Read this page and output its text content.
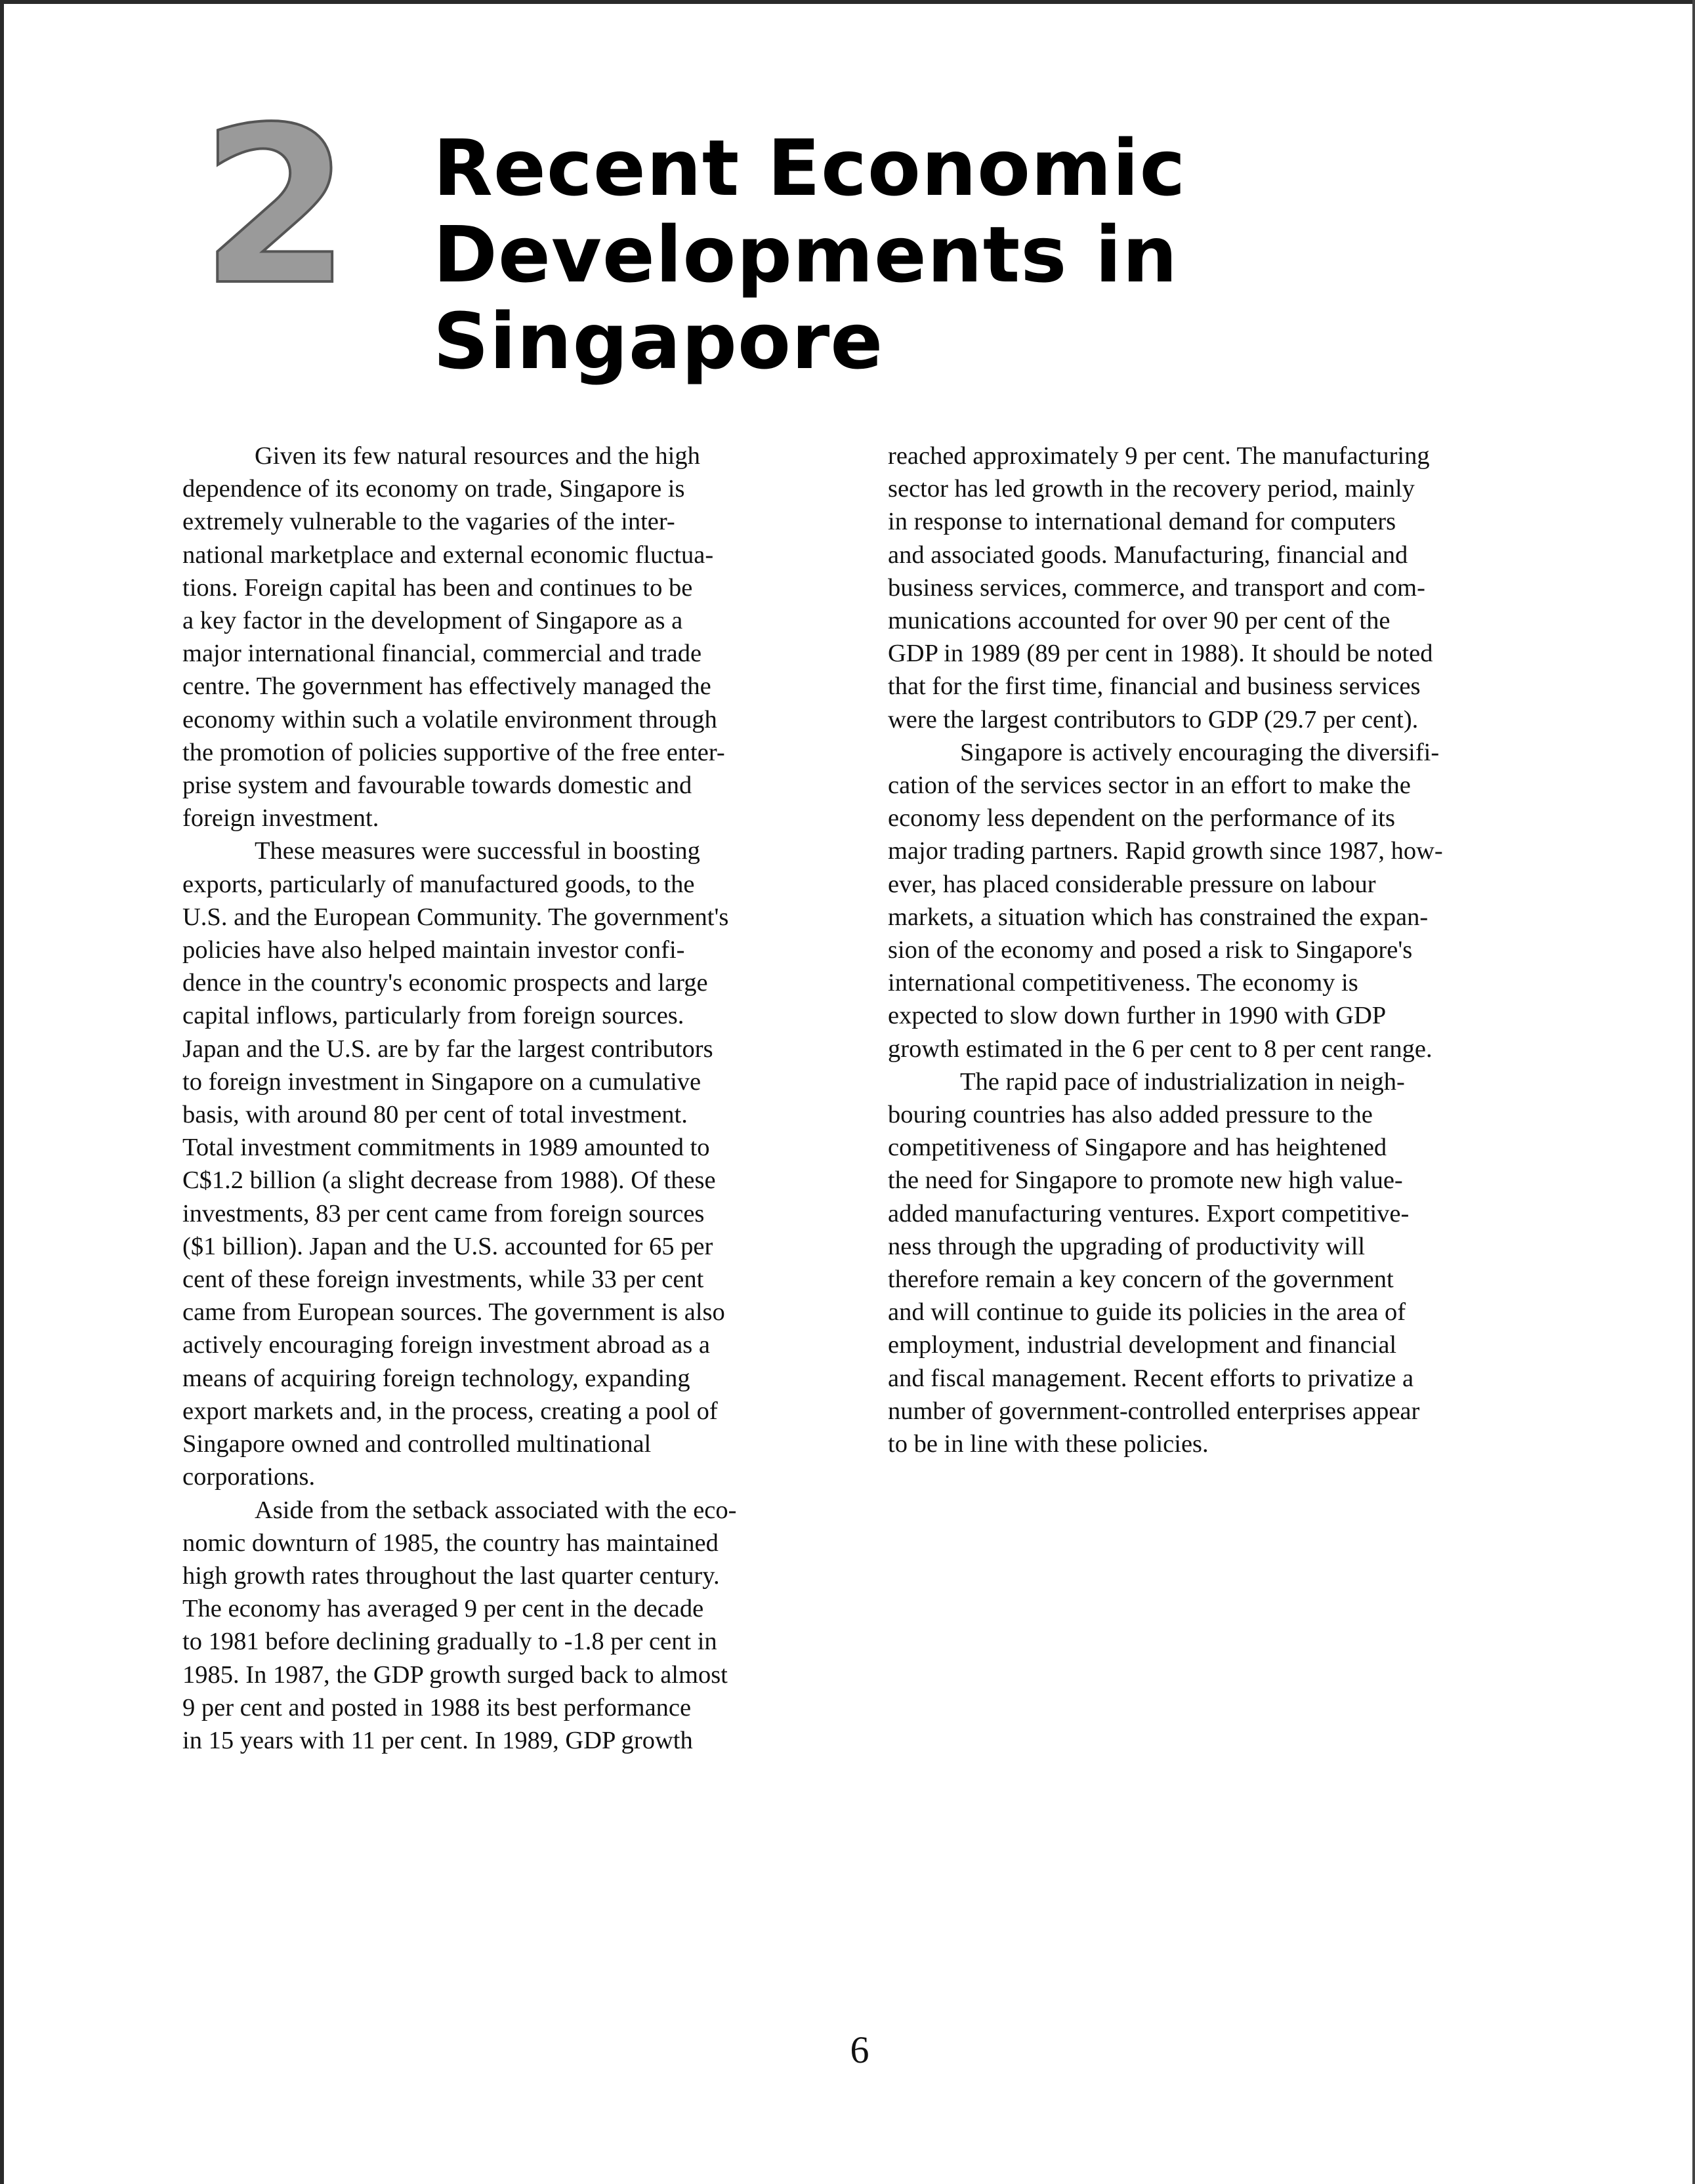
2 Recent Economic
Developments in
Singapore
Given its few natural resources and the high
dependence of its economy on trade, Singapore is
extremely vulnerable to the vagaries of the inter-
national marketplace and external economic fluctua-
tions. Foreign capital has been and continues to be
a key factor in the development of Singapore as a
major international financial, commercial and trade
centre. The government has effectively managed the
economy within such a volatile environment through
the promotion of policies supportive of the free enter-
prise system and favourable towards domestic and
foreign investment.
These measures were successful in boosting
exports, particularly of manufactured goods, to the
U.S. and the European Community. The government's
policies have also helped maintain investor confi-
dence in the country's economic prospects and large
capital inflows, particularly from foreign sources.
Japan and the U.S. are by far the largest contributors
to foreign investment in Singapore on a cumulative
basis, with around 80 per cent of total investment.
Total investment commitments in 1989 amounted to
C$1.2 billion (a slight decrease from 1988). Of these
investments, 83 per cent came from foreign sources
($1 billion). Japan and the U.S. accounted for 65 per
cent of these foreign investments, while 33 per cent
came from European sources. The government is also
actively encouraging foreign investment abroad as a
means of acquiring foreign technology, expanding
export markets and, in the process, creating a pool of
Singapore owned and controlled multinational
corporations.
Aside from the setback associated with the eco-
nomic downturn of 1985, the country has maintained
high growth rates throughout the last quarter century.
The economy has averaged 9 per cent in the decade
to 1981 before declining gradually to -1.8 per cent in
1985. In 1987, the GDP growth surged back to almost
9 per cent and posted in 1988 its best performance
in 15 years with 11 per cent. In 1989, GDP growth
reached approximately 9 per cent. The manufacturing
sector has led growth in the recovery period, mainly
in response to international demand for computers
and associated goods. Manufacturing, financial and
business services, commerce, and transport and com-
munications accounted for over 90 per cent of the
GDP in 1989 (89 per cent in 1988). It should be noted
that for the first time, financial and business services
were the largest contributors to GDP (29.7 per cent).
Singapore is actively encouraging the diversifi-
cation of the services sector in an effort to make the
economy less dependent on the performance of its
major trading partners. Rapid growth since 1987, how-
ever, has placed considerable pressure on labour
markets, a situation which has constrained the expan-
sion of the economy and posed a risk to Singapore's
international competitiveness. The economy is
expected to slow down further in 1990 with GDP
growth estimated in the 6 per cent to 8 per cent range.
The rapid pace of industrialization in neigh-
bouring countries has also added pressure to the
competitiveness of Singapore and has heightened
the need for Singapore to promote new high value-
added manufacturing ventures. Export competitive-
ness through the upgrading of productivity will
therefore remain a key concern of the government
and will continue to guide its policies in the area of
employment, industrial development and financial
and fiscal management. Recent efforts to privatize a
number of government-controlled enterprises appear
to be in line with these policies.
6
